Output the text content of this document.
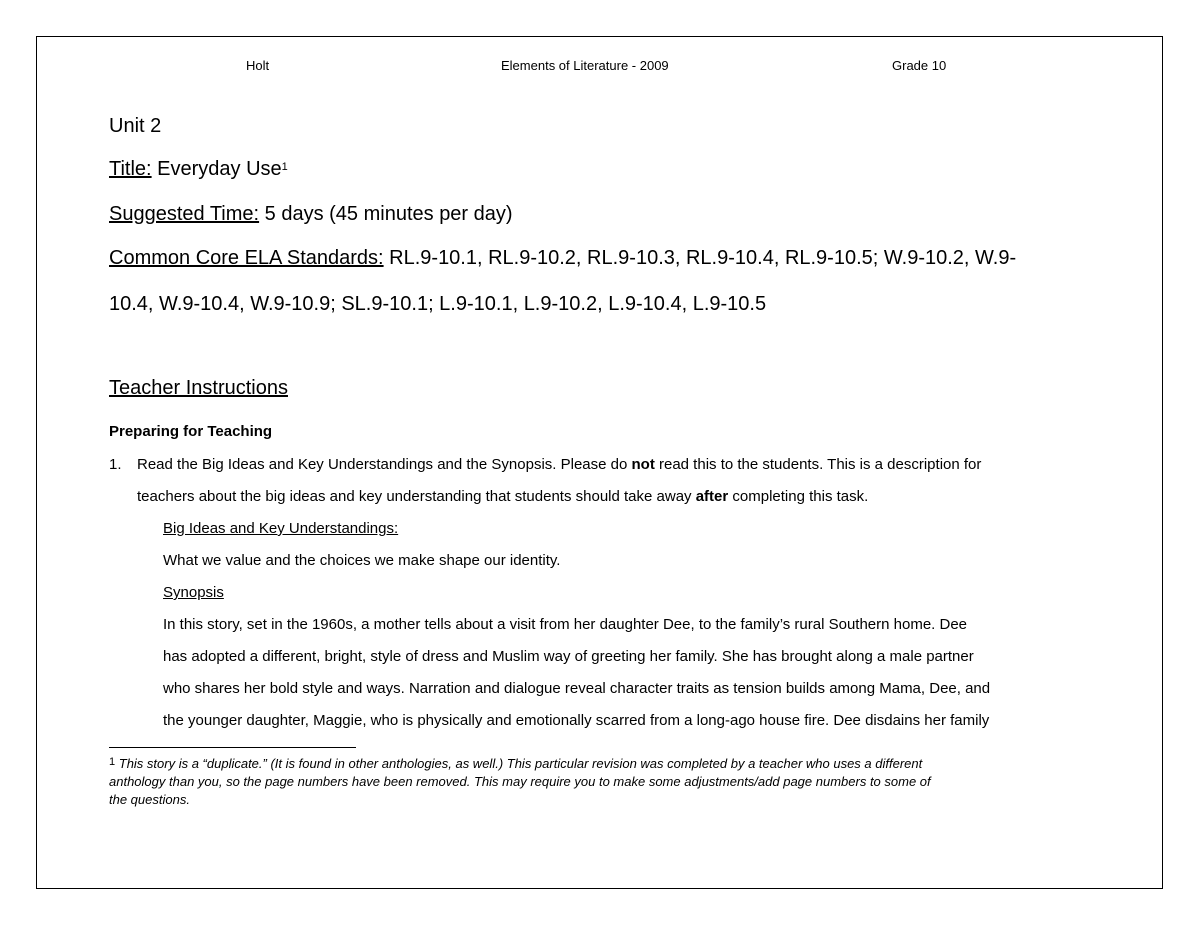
Holt	Elements of Literature - 2009	Grade 10
Unit 2
Title: Everyday Use$^1$
Suggested Time: 5 days (45 minutes per day)
Common Core ELA Standards: RL.9-10.1, RL.9-10.2, RL.9-10.3, RL.9-10.4, RL.9-10.5; W.9-10.2, W.9-
10.4, W.9-10.4, W.9-10.9; SL.9-10.1; L.9-10.1, L.9-10.2, L.9-10.4, L.9-10.5
Teacher Instructions
Preparing for Teaching
1. Read the Big Ideas and Key Understandings and the Synopsis. Please do not read this to the students. This is a description for
teachers about the big ideas and key understanding that students should take away after completing this task.
Big Ideas and Key Understandings:
What we value and the choices we make shape our identity.
Synopsis
In this story, set in the 1960s, a mother tells about a visit from her daughter Dee, to the family’s rural Southern home. Dee
has adopted a different, bright, style of dress and Muslim way of greeting her family. She has brought along a male partner
who shares her bold style and ways. Narration and dialogue reveal character traits as tension builds among Mama, Dee, and
the younger daughter, Maggie, who is physically and emotionally scarred from a long-ago house fire. Dee disdains her family
$^1$ This story is a “duplicate.” (It is found in other anthologies, as well.) This particular revision was completed by a teacher who uses a different
anthology than you, so the page numbers have been removed. This may require you to make some adjustments/add page numbers to some of
the questions.
